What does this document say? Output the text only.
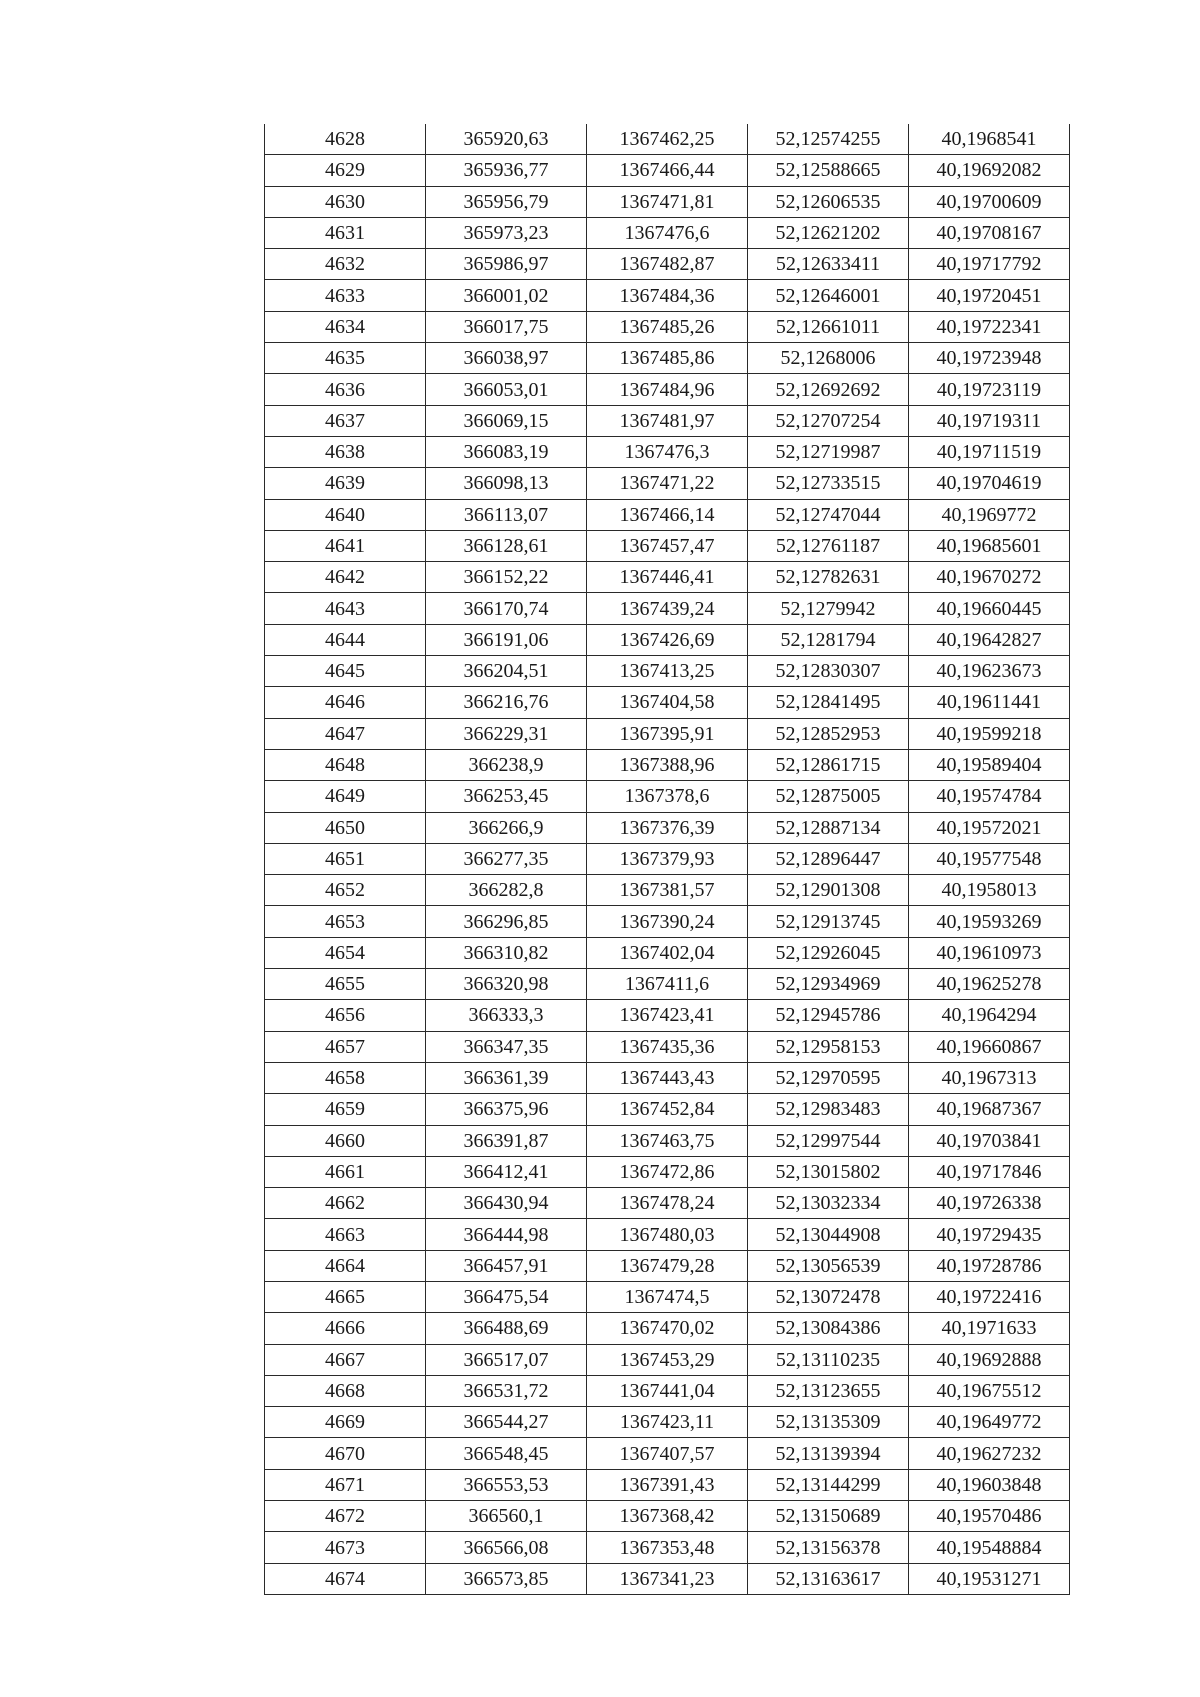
4628	365920,63	1367462,25	52,12574255	40,1968541
4629	365936,77	1367466,44	52,12588665	40,19692082
4630	365956,79	1367471,81	52,12606535	40,19700609
4631	365973,23	1367476,6	52,12621202	40,19708167
4632	365986,97	1367482,87	52,12633411	40,19717792
4633	366001,02	1367484,36	52,12646001	40,19720451
4634	366017,75	1367485,26	52,12661011	40,19722341
4635	366038,97	1367485,86	52,1268006	40,19723948
4636	366053,01	1367484,96	52,12692692	40,19723119
4637	366069,15	1367481,97	52,12707254	40,19719311
4638	366083,19	1367476,3	52,12719987	40,19711519
4639	366098,13	1367471,22	52,12733515	40,19704619
4640	366113,07	1367466,14	52,12747044	40,1969772
4641	366128,61	1367457,47	52,12761187	40,19685601
4642	366152,22	1367446,41	52,12782631	40,19670272
4643	366170,74	1367439,24	52,1279942	40,19660445
4644	366191,06	1367426,69	52,1281794	40,19642827
4645	366204,51	1367413,25	52,12830307	40,19623673
4646	366216,76	1367404,58	52,12841495	40,19611441
4647	366229,31	1367395,91	52,12852953	40,19599218
4648	366238,9	1367388,96	52,12861715	40,19589404
4649	366253,45	1367378,6	52,12875005	40,19574784
4650	366266,9	1367376,39	52,12887134	40,19572021
4651	366277,35	1367379,93	52,12896447	40,19577548
4652	366282,8	1367381,57	52,12901308	40,1958013
4653	366296,85	1367390,24	52,12913745	40,19593269
4654	366310,82	1367402,04	52,12926045	40,19610973
4655	366320,98	1367411,6	52,12934969	40,19625278
4656	366333,3	1367423,41	52,12945786	40,1964294
4657	366347,35	1367435,36	52,12958153	40,19660867
4658	366361,39	1367443,43	52,12970595	40,1967313
4659	366375,96	1367452,84	52,12983483	40,19687367
4660	366391,87	1367463,75	52,12997544	40,19703841
4661	366412,41	1367472,86	52,13015802	40,19717846
4662	366430,94	1367478,24	52,13032334	40,19726338
4663	366444,98	1367480,03	52,13044908	40,19729435
4664	366457,91	1367479,28	52,13056539	40,19728786
4665	366475,54	1367474,5	52,13072478	40,19722416
4666	366488,69	1367470,02	52,13084386	40,1971633
4667	366517,07	1367453,29	52,13110235	40,19692888
4668	366531,72	1367441,04	52,13123655	40,19675512
4669	366544,27	1367423,11	52,13135309	40,19649772
4670	366548,45	1367407,57	52,13139394	40,19627232
4671	366553,53	1367391,43	52,13144299	40,19603848
4672	366560,1	1367368,42	52,13150689	40,19570486
4673	366566,08	1367353,48	52,13156378	40,19548884
4674	366573,85	1367341,23	52,13163617	40,19531271
